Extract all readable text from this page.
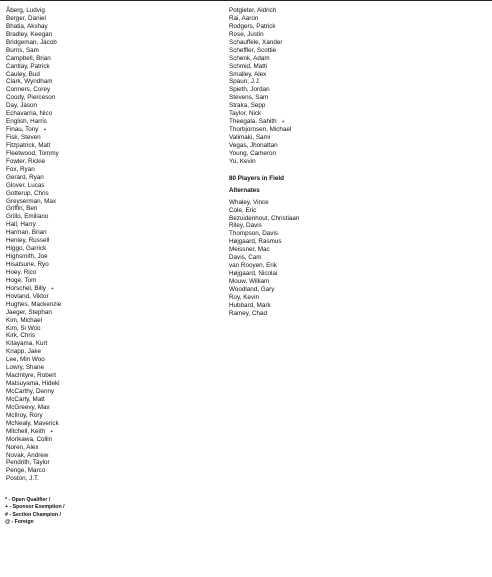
Åberg, Ludvig
Berger, Daniel
Bhatia, Akshay
Bradley, Keegan
Bridgeman, Jacob
Burns, Sam
Campbell, Brian
Cantlay, Patrick
Cauley, Bud
Clark, Wyndham
Conners, Corey
Coody, Pierceson
Day, Jason
Echavarria, Nico
English, Harris
Finau, Tony +
Fisk, Steven
Fitzpatrick, Matt
Fleetwood, Tommy
Fowler, Rickie
Fox, Ryan
Gerard, Ryan
Glover, Lucas
Gotterup, Chris
Greyserman, Max
Griffin, Ben
Grillo, Emiliano
Hall, Harry
Harman, Brian
Henley, Russell
Higgo, Garrick
Highsmith, Joe
Hisatsune, Ryo
Hoey, Rico
Hoge, Tom
Horschel, Billy +
Hovland, Viktor
Hughes, Mackenzie
Jaeger, Stephan
Kim, Michael
Kim, Si Woo
Kirk, Chris
Kitayama, Kurt
Knapp, Jake
Lee, Min Woo
Lowry, Shane
MacIntyre, Robert
Matsuyama, Hideki
McCarthy, Denny
McCarty, Matt
McGreevy, Max
McIlroy, Rory
McNealy, Maverick
Mitchell, Keith +
Morikawa, Collin
Noren, Alex
Novak, Andrew
Pendrith, Taylor
Penge, Marco
Poston, J.T.
Potgieter, Aldrich
Rai, Aaron
Rodgers, Patrick
Rose, Justin
Schauffele, Xander
Scheffler, Scottie
Schenk, Adam
Schmid, Matti
Smalley, Alex
Spaun, J.J.
Spieth, Jordan
Stevens, Sam
Straka, Sepp
Taylor, Nick
Theegala, Sahith +
Thorbjornsen, Michael
Valimaki, Sami
Vegas, Jhonattan
Young, Cameron
Yu, Kevin
80 Players in Field
Alternates
Whaley, Vince
Cole, Eric
Bezuidenhout, Christiaan
Riley, Davis
Thompson, Davis
Højgaard, Rasmus
Meissner, Mac
Davis, Cam
van Rooyen, Erik
Højgaard, Nicolai
Mouw, William
Woodland, Gary
Roy, Kevin
Hubbard, Mark
Ramey, Chad
* - Open Qualifier /
+ - Sponsor Exemption /
# - Section Champion /
@ - Foreign
